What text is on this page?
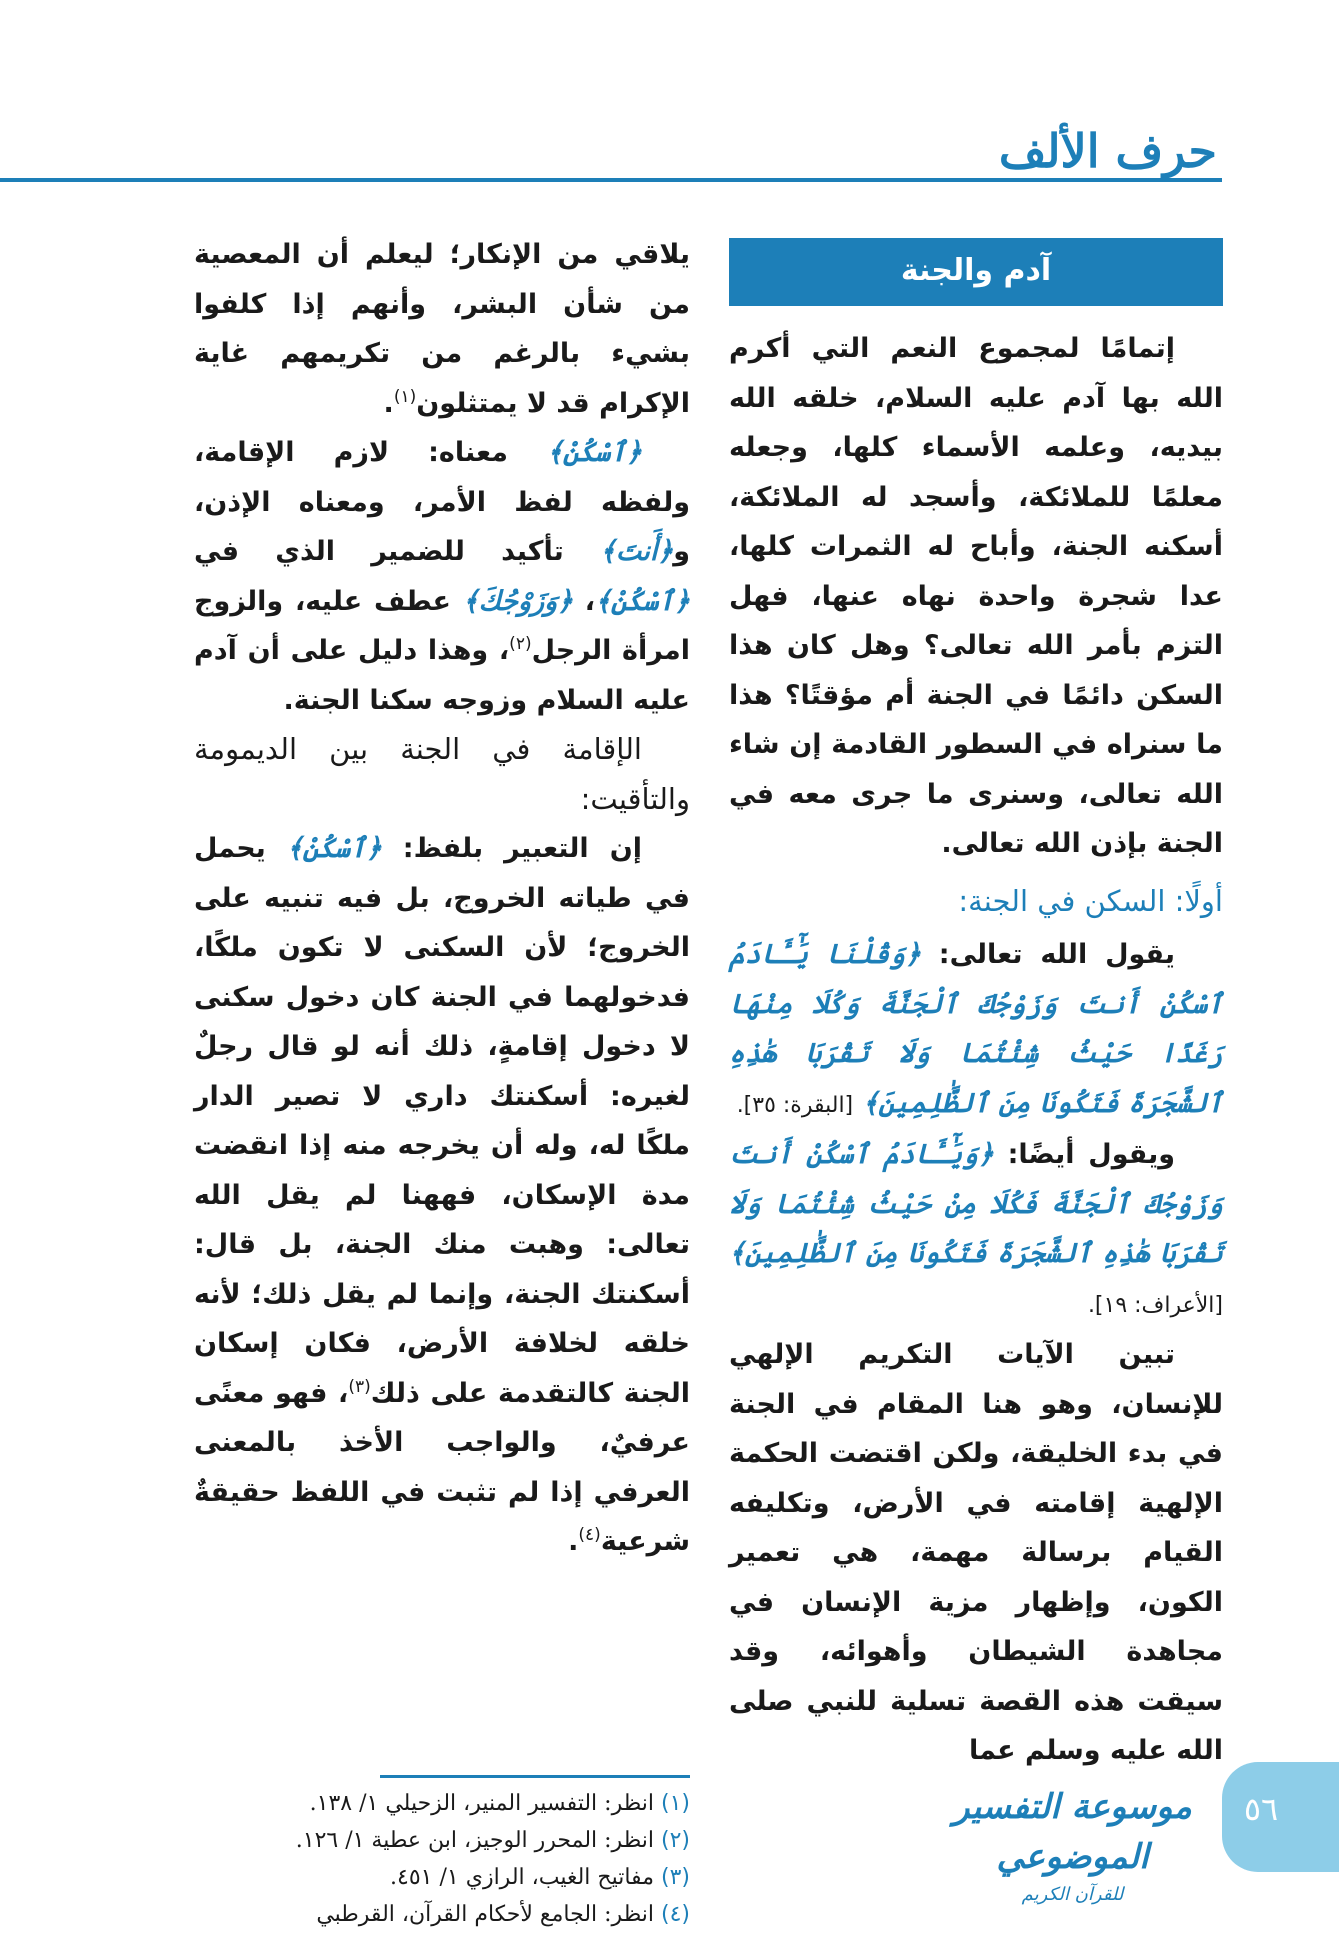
حرف الألف
آدم والجنة

إتمامًا لمجموع النعم التي أكرم الله بها آدم عليه السلام، خلقه الله بيديه، وعلمه الأسماء كلها، وجعله معلمًا للملائكة، وأسجد له الملائكة، أسكنه الجنة، وأباح له الثمرات كلها، عدا شجرة واحدة نهاه عنها، فهل التزم بأمر الله تعالى؟ وهل كان هذا السكن دائمًا في الجنة أم مؤقتًا؟ هذا ما سنراه في السطور القادمة إن شاء الله تعالى، وسنرى ما جرى معه في الجنة بإذن الله تعالى.

أولًا: السكن في الجنة:

يقول الله تعالى: ﴿وَقُلْنَا يَٰٓـَٔادَمُ ٱسْكُنْ أَنتَ وَزَوْجُكَ ٱلْجَنَّةَ وَكُلَا مِنْهَا رَغَدًا حَيْثُ شِئْتُمَا وَلَا تَقْرَبَا هَٰذِهِ ٱلشَّجَرَةَ فَتَكُونَا مِنَ ٱلظَّٰلِمِينَ﴾ [البقرة: ٣٥].

ويقول أيضًا: ﴿وَيَٰٓـَٔادَمُ ٱسْكُنْ أَنتَ وَزَوْجُكَ ٱلْجَنَّةَ فَكُلَا مِنْ حَيْثُ شِئْتُمَا وَلَا تَقْرَبَا هَٰذِهِ ٱلشَّجَرَةَ فَتَكُونَا مِنَ ٱلظَّٰلِمِينَ﴾ [الأعراف: ١٩].

تبين الآيات التكريم الإلهي للإنسان، وهو هنا المقام في الجنة في بدء الخليقة، ولكن اقتضت الحكمة الإلهية إقامته في الأرض، وتكليفه القيام برسالة مهمة، هي تعمير الكون، وإظهار مزية الإنسان في مجاهدة الشيطان وأهوائه، وقد سيقت هذه القصة تسلية للنبي صلى الله عليه وسلم عما

يلاقي من الإنكار؛ ليعلم أن المعصية من شأن البشر، وأنهم إذا كلفوا بشيء بالرغم من تكريمهم غاية الإكرام قد لا يمتثلون$^{(١)}$.

﴿ٱسْكُنْ﴾ معناه: لازم الإقامة، ولفظه لفظ الأمر، ومعناه الإذن، و﴿أَنتَ﴾ تأكيد للضمير الذي في ﴿ٱسْكُنْ﴾، ﴿وَزَوْجُكَ﴾ عطف عليه، والزوج امرأة الرجل$^{(٢)}$، وهذا دليل على أن آدم عليه السلام وزوجه سكنا الجنة.

الإقامة في الجنة بين الديمومة والتأقيت:

إن التعبير بلفظ: ﴿ٱسْكُنْ﴾ يحمل في طياته الخروج، بل فيه تنبيه على الخروج؛ لأن السكنى لا تكون ملكًا، فدخولهما في الجنة كان دخول سكنى لا دخول إقامةٍ، ذلك أنه لو قال رجلٌ لغيره: أسكنتك داري لا تصير الدار ملكًا له، وله أن يخرجه منه إذا انقضت مدة الإسكان، فههنا لم يقل الله تعالى: وهبت منك الجنة، بل قال: أسكنتك الجنة، وإنما لم يقل ذلك؛ لأنه خلقه لخلافة الأرض، فكان إسكان الجنة كالتقدمة على ذلك$^{(٣)}$، فهو معنًى عرفيٌ، والواجب الأخذ بالمعنى العرفي إذا لم تثبت في اللفظ حقيقةٌ شرعية$^{(٤)}$.

(١) انظر: التفسير المنير، الزحيلي ١/ ١٣٨.
(٢) انظر: المحرر الوجيز، ابن عطية ١/ ١٢٦.
(٣) مفاتيح الغيب، الرازي ١/ ٤٥١.
(٤) انظر: الجامع لأحكام القرآن، القرطبي
٥٦
موسوعة التفسير الموضوعي
للقرآن الكريم
